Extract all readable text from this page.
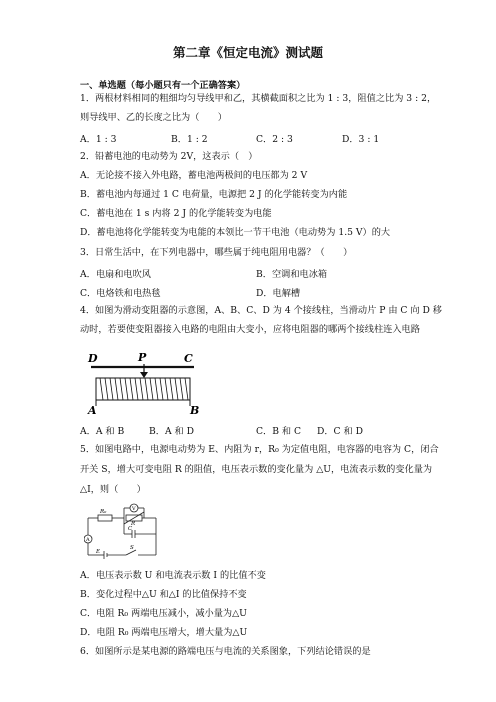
第二章《恒定电流》测试题
一、单选题（每小题只有一个正确答案）
1．两根材料相同的粗细均匀导线甲和乙，其横截面积之比为 1 : 3，阻值之比为 3 : 2，
则导线甲、乙的长度之比为（　　）
A．1 : 3	B．1 : 2	C．2 : 3	D．3 : 1
2．铅蓄电池的电动势为 2V，这表示（　）
A．无论接不接入外电路，蓄电池两极间的电压都为 2 V
B．蓄电池内每通过 1 C 电荷量，电源把 2 J 的化学能转变为内能
C．蓄电池在 1 s 内将 2 J 的化学能转变为电能
D．蓄电池将化学能转变为电能的本领比一节干电池（电动势为 1.5 V）的大
3．日常生活中，在下列电器中，哪些属于纯电阻用电器？（　　）
A．电扇和电吹风	B．空调和电冰箱
C．电烙铁和电热毯	D．电解槽
4．如图为滑动变阻器的示意图，A、B、C、D 为 4 个接线柱，当滑动片 P 由 C 向 D 移
动时，若要使变阻器接入电路的电阻由大变小，应将电阻器的哪两个接线柱连入电路
D	P	C
A	B
A．A 和 B	B．A 和 D	C．B 和 C D．C 和 D
5．如图电路中，电源电动势为 E、内阻为 r，R₀ 为定值电阻，电容器的电容为 C，闭合
开关 S，增大可变电阻 R 的阻值，电压表示数的变化量为 △U，电流表示数的变化量为
△I，则（　　）
R₀
R
V
A
C
E
S
A．电压表示数 U 和电流表示数 I 的比值不变
B．变化过程中△U 和△I 的比值保持不变
C．电阻 R₀ 两端电压减小，减小量为△U
D．电阻 R₀ 两端电压增大，增大量为△U
6．如图所示是某电源的路端电压与电流的关系图象，下列结论错误的是
